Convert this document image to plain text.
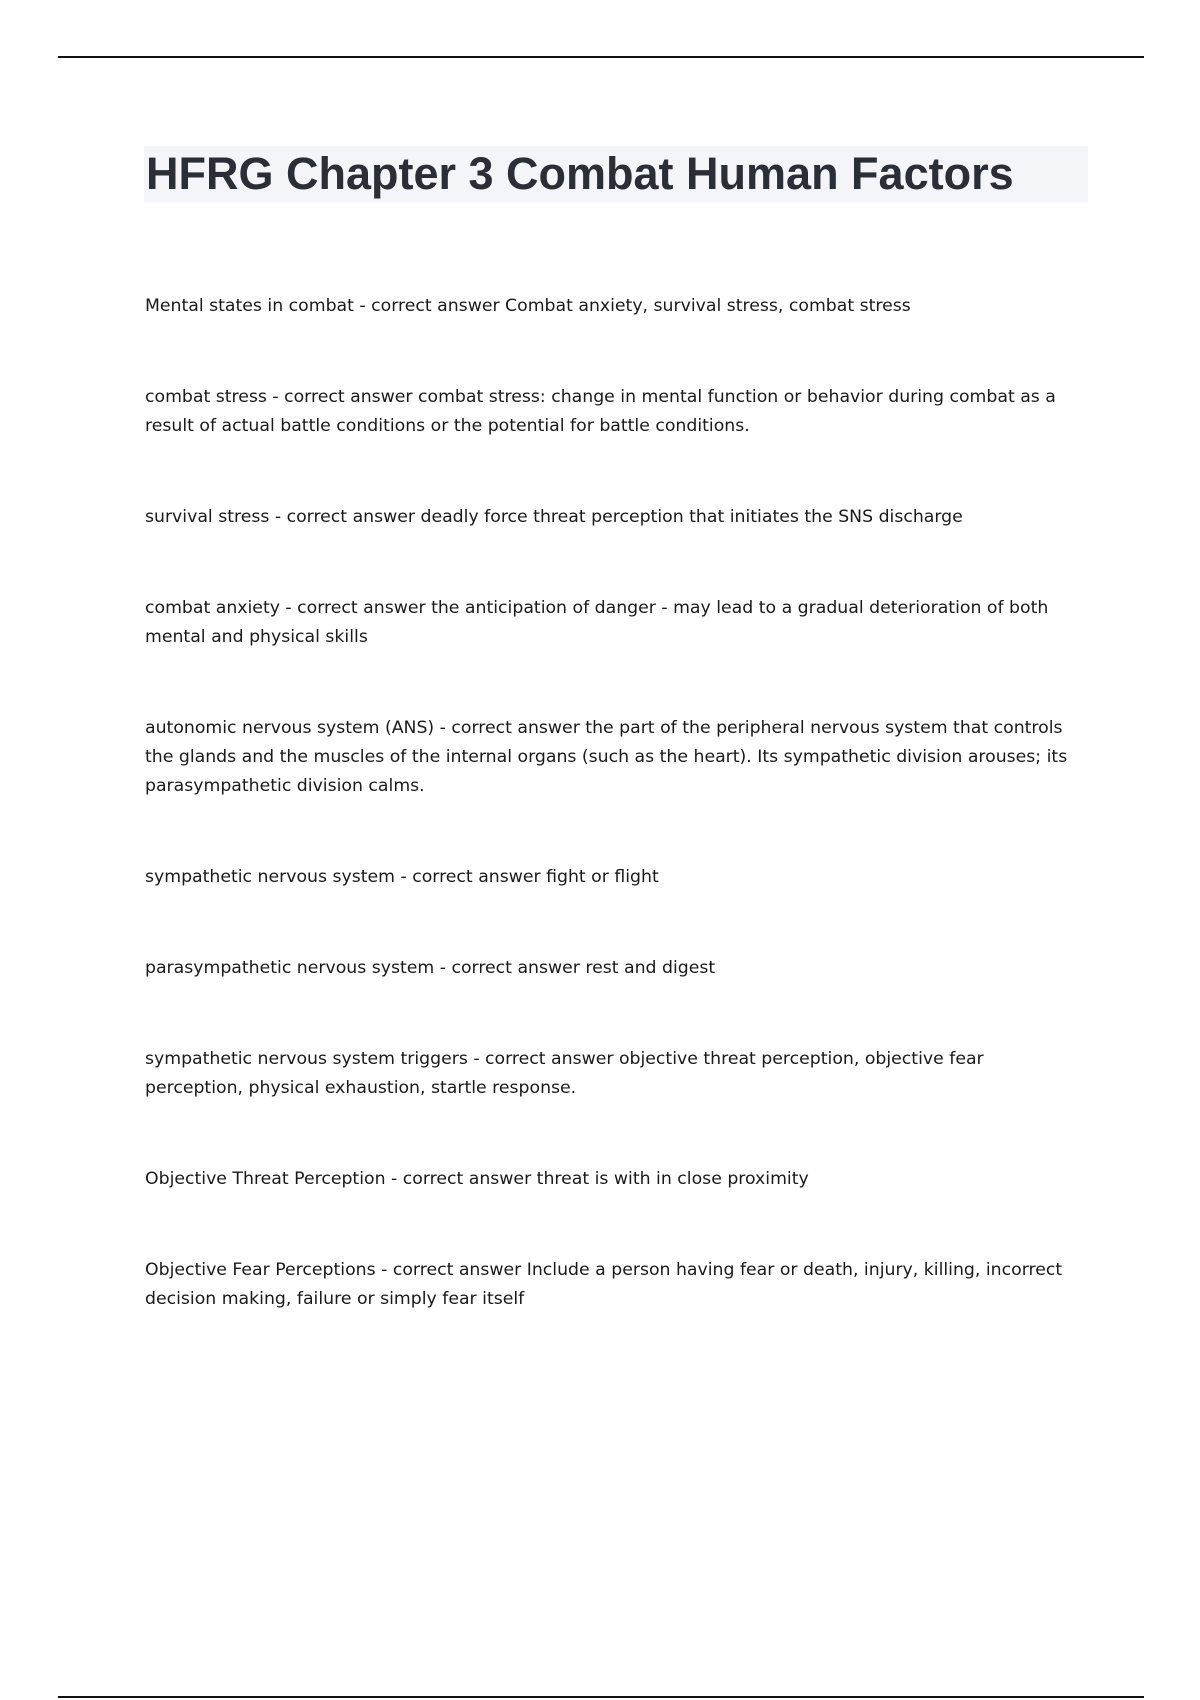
HFRG Chapter 3 Combat Human Factors

Mental states in combat - correct answer Combat anxiety, survival stress, combat stress

combat stress - correct answer combat stress: change in mental function or behavior during combat as a result of actual battle conditions or the potential for battle conditions.

survival stress - correct answer deadly force threat perception that initiates the SNS discharge

combat anxiety - correct answer the anticipation of danger - may lead to a gradual deterioration of both mental and physical skills

autonomic nervous system (ANS) - correct answer the part of the peripheral nervous system that controls the glands and the muscles of the internal organs (such as the heart). Its sympathetic division arouses; its parasympathetic division calms.

sympathetic nervous system - correct answer fight or flight

parasympathetic nervous system - correct answer rest and digest

sympathetic nervous system triggers - correct answer objective threat perception, objective fear perception, physical exhaustion, startle response.

Objective Threat Perception - correct answer threat is with in close proximity

Objective Fear Perceptions - correct answer Include a person having fear or death, injury, killing, incorrect decision making, failure or simply fear itself
